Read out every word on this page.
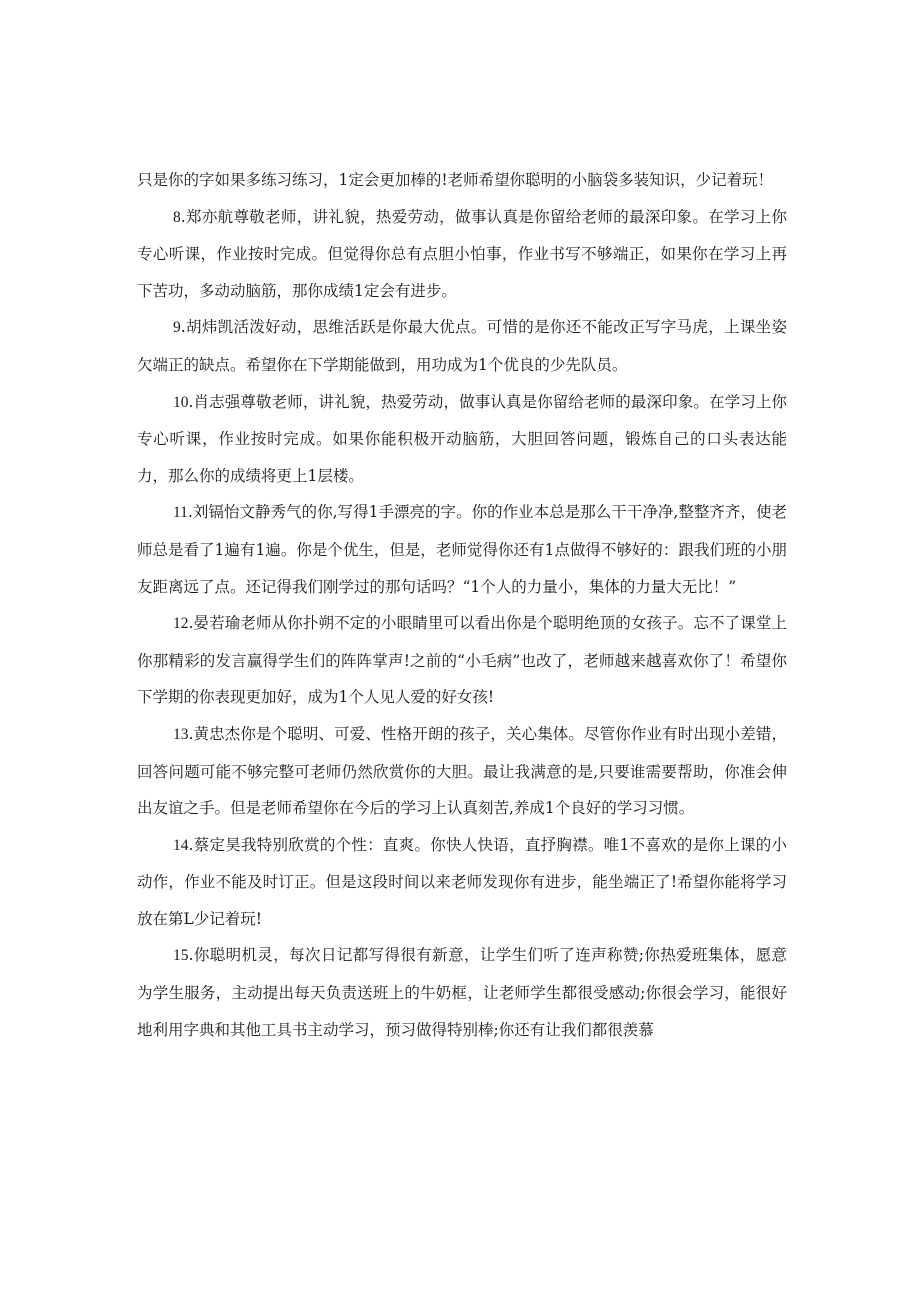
只是你的字如果多练习练习，1定会更加棒的!老师希望你聪明的小脑袋多装知识，少记着玩！

8.郑亦航尊敬老师，讲礼貌，热爱劳动，做事认真是你留给老师的最深印象。在学习上你专心听课，作业按时完成。但觉得你总有点胆小怕事，作业书写不够端正，如果你在学习上再下苦功，多动动脑筋，那你成绩1定会有进步。

9.胡炜凯活泼好动，思维活跃是你最大优点。可惜的是你还不能改正写字马虎，上课坐姿欠端正的缺点。希望你在下学期能做到，用功成为1个优良的少先队员。

10.肖志强尊敬老师，讲礼貌，热爱劳动，做事认真是你留给老师的最深印象。在学习上你专心听课，作业按时完成。如果你能积极开动脑筋，大胆回答问题，锻炼自己的口头表达能力，那么你的成绩将更上1层楼。

11.刘镉怡文静秀气的你,写得1手漂亮的字。你的作业本总是那么干干净净,整整齐齐，使老师总是看了1遍有1遍。你是个优生，但是，老师觉得你还有1点做得不够好的：跟我们班的小朋友距离远了点。还记得我们刚学过的那句话吗？“1个人的力量小，集体的力量大无比！”

12.晏若瑜老师从你扑朔不定的小眼睛里可以看出你是个聪明绝顶的女孩子。忘不了课堂上你那精彩的发言赢得学生们的阵阵掌声!之前的“小毛病”也改了，老师越来越喜欢你了！希望你下学期的你表现更加好，成为1个人见人爱的好女孩!

13.黄忠杰你是个聪明、可爱、性格开朗的孩子，关心集体。尽管你作业有时出现小差错，回答问题可能不够完整可老师仍然欣赏你的大胆。最让我满意的是,只要谁需要帮助，你准会伸出友谊之手。但是老师希望你在今后的学习上认真刻苦,养成1个良好的学习习惯。

14.蔡定昊我特别欣赏的个性：直爽。你快人快语，直抒胸襟。唯1不喜欢的是你上课的小动作，作业不能及时订正。但是这段时间以来老师发现你有进步，能坐端正了!希望你能将学习放在第L少记着玩!

15.你聪明机灵，每次日记都写得很有新意，让学生们听了连声称赞;你热爱班集体，愿意为学生服务，主动提出每天负责送班上的牛奶框，让老师学生都很受感动;你很会学习，能很好地利用字典和其他工具书主动学习，预习做得特别棒;你还有让我们都很羡慕
